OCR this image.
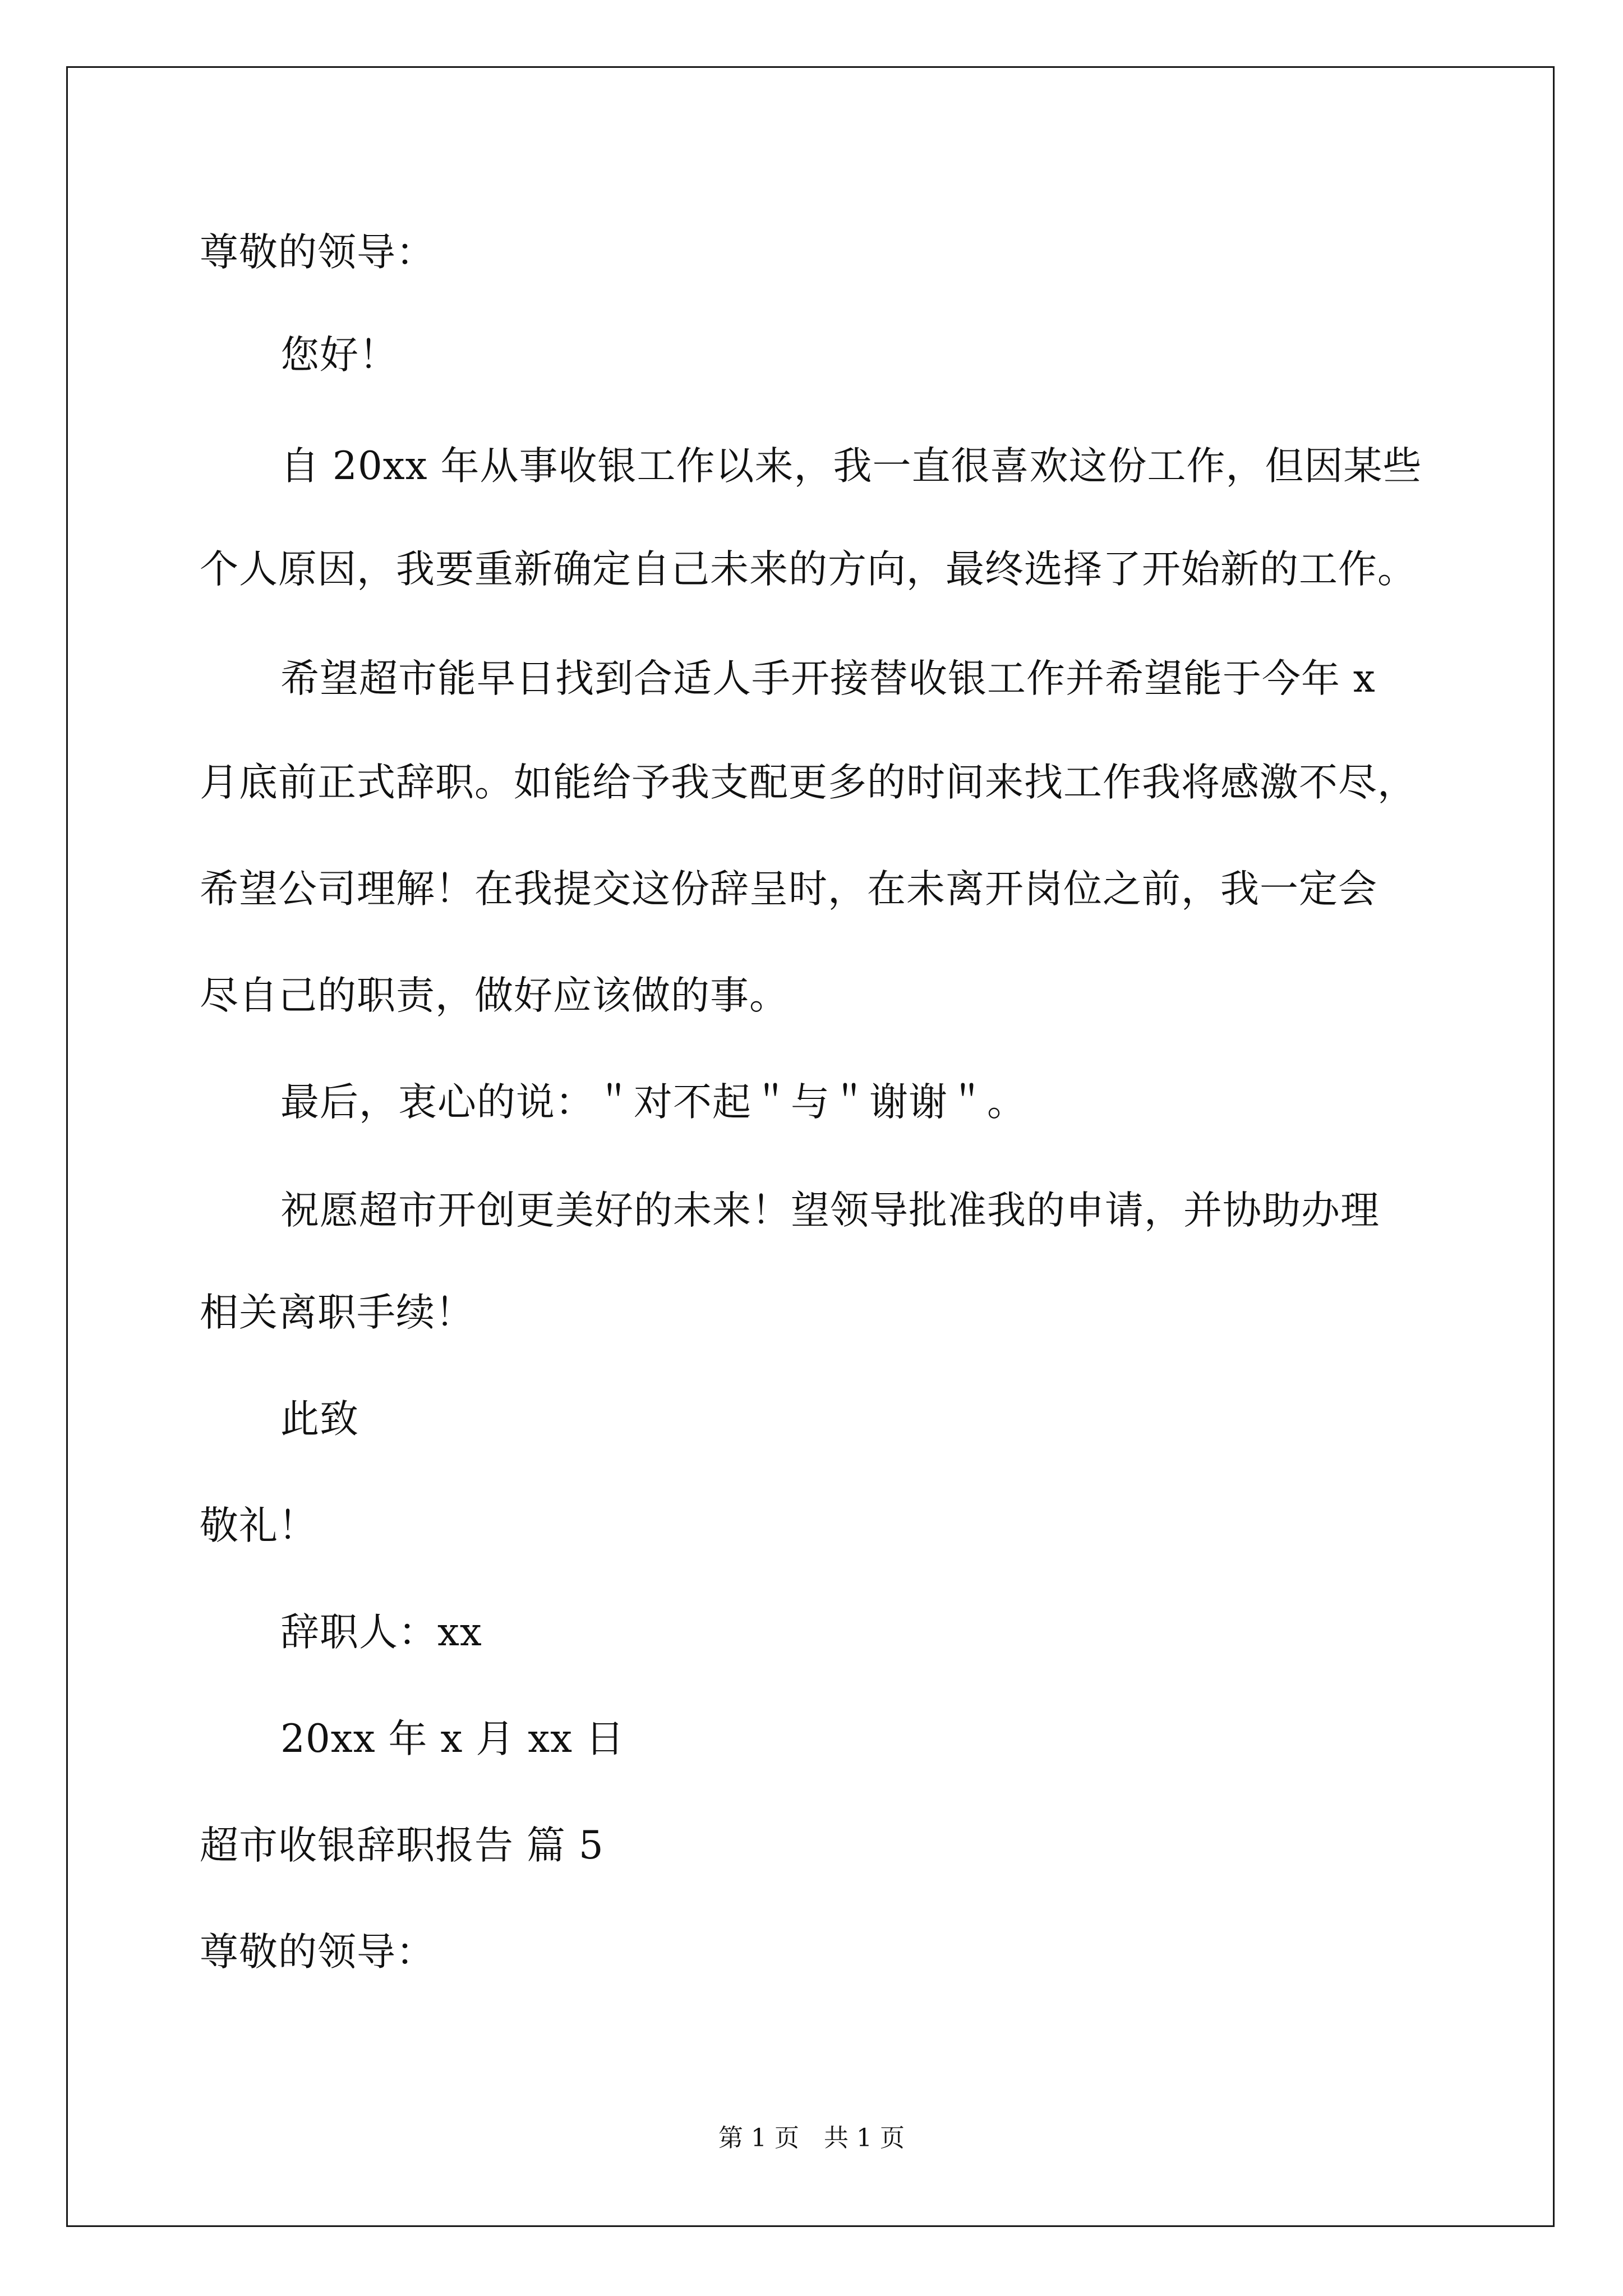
尊敬的领导：
您好！
自 20xx 年从事收银工作以来，我一直很喜欢这份工作，但因某些
个人原因，我要重新确定自己未来的方向，最终选择了开始新的工作。
希望超市能早日找到合适人手开接替收银工作并希望能于今年 x
月底前正式辞职。如能给予我支配更多的时间来找工作我将感激不尽，
希望公司理解！在我提交这份辞呈时，在未离开岗位之前，我一定会
尽自己的职责，做好应该做的事。
最后，衷心的说：＂对不起＂与＂谢谢＂。
祝愿超市开创更美好的未来！望领导批准我的申请，并协助办理
相关离职手续！
此致
敬礼！
辞职人：xx
20xx 年 x 月 xx 日
超市收银辞职报告 篇 5
尊敬的领导：
第 1 页　共 1 页
